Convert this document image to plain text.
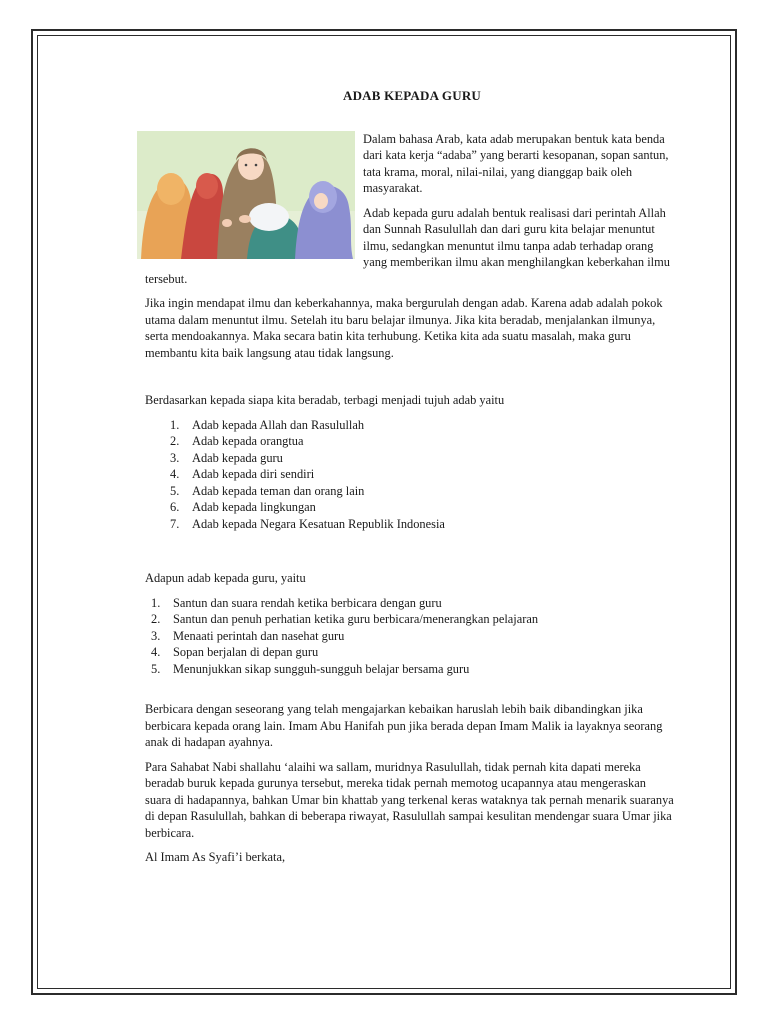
ADAB KEPADA GURU

Dalam bahasa Arab, kata adab merupakan bentuk kata benda dari kata kerja “adaba” yang berarti kesopanan, sopan santun, tata krama, moral, nilai-nilai, yang dianggap baik oleh masyarakat.

Adab kepada guru adalah bentuk realisasi dari perintah Allah dan Sunnah Rasulullah dan dari guru kita belajar menuntut ilmu, sedangkan menuntut ilmu tanpa adab terhadap orang yang memberikan ilmu akan menghilangkan keberkahan ilmu tersebut.

Jika ingin mendapat ilmu dan keberkahannya, maka bergurulah dengan adab. Karena adab adalah pokok utama dalam menuntut ilmu. Setelah itu baru belajar ilmunya. Jika kita beradab, menjalankan ilmunya, serta mendoakannya. Maka secara batin kita terhubung. Ketika kita ada suatu masalah, maka guru membantu kita baik langsung atau tidak langsung.

Berdasarkan kepada siapa kita beradab, terbagi menjadi tujuh adab yaitu

1. Adab kepada Allah dan Rasulullah
2. Adab kepada orangtua
3. Adab kepada guru
4. Adab kepada diri sendiri
5. Adab kepada teman dan orang lain
6. Adab kepada lingkungan
7. Adab kepada Negara Kesatuan Republik Indonesia

Adapun adab kepada guru, yaitu

1. Santun dan suara rendah ketika berbicara dengan guru
2. Santun dan penuh perhatian ketika guru berbicara/menerangkan pelajaran
3. Menaati perintah dan nasehat guru
4. Sopan berjalan di depan guru
5. Menunjukkan sikap sungguh-sungguh belajar bersama guru

Berbicara dengan seseorang yang telah mengajarkan kebaikan haruslah lebih baik dibandingkan jika berbicara kepada orang lain. Imam Abu Hanifah pun jika berada depan Imam Malik ia layaknya seorang anak di hadapan ayahnya.

Para Sahabat Nabi shallahu ‘alaihi wa sallam, muridnya Rasulullah, tidak pernah kita dapati mereka beradab buruk kepada gurunya tersebut, mereka tidak pernah memotog ucapannya atau mengeraskan suara di hadapannya, bahkan Umar bin khattab yang terkenal keras wataknya tak pernah menarik suaranya di depan Rasulullah, bahkan di beberapa riwayat, Rasulullah sampai kesulitan mendengar suara Umar jika berbicara.

Al Imam As Syafi’i berkata,
